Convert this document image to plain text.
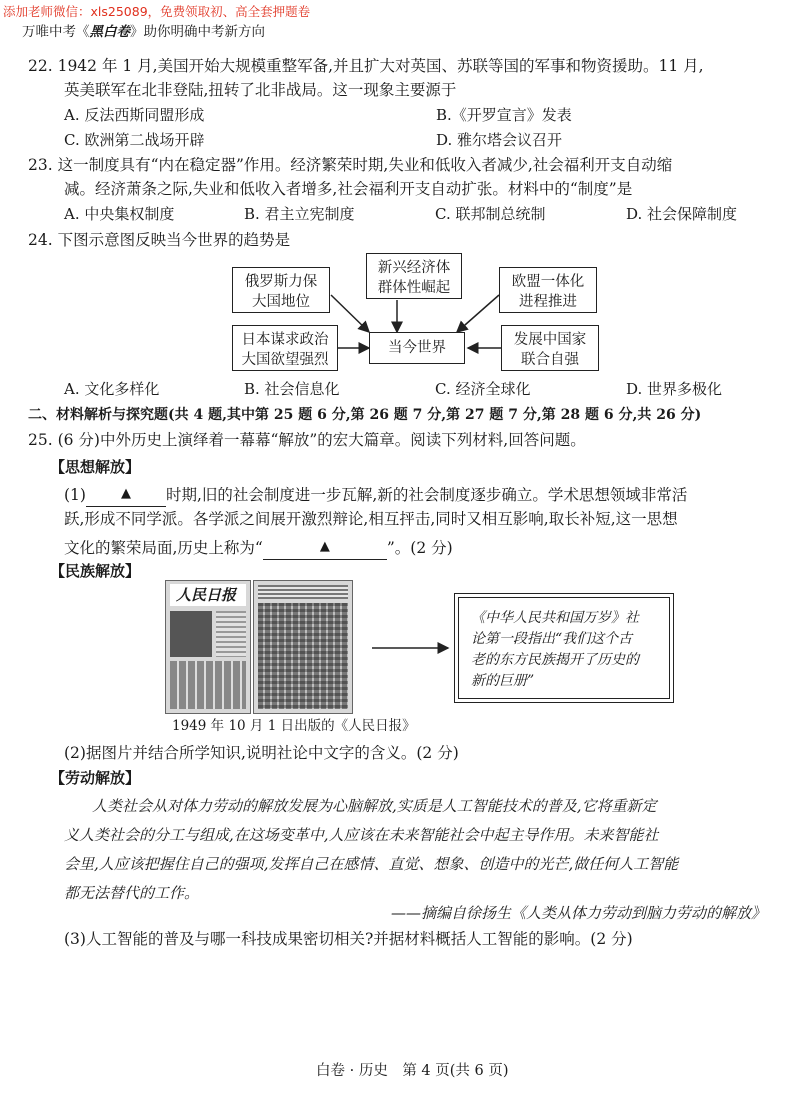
添加老师微信：xls25089，免费领取初、高全套押题卷
万唯中考《黑白卷》助你明确中考新方向
22. 1942 年 1 月,美国开始大规模重整军备,并且扩大对英国、苏联等国的军事和物资援助。11 月,
英美联军在北非登陆,扭转了北非战局。这一现象主要源于
A. 反法西斯同盟形成	B.《开罗宣言》发表
C. 欧洲第二战场开辟	D. 雅尔塔会议召开
23. 这一制度具有“内在稳定器”作用。经济繁荣时期,失业和低收入者减少,社会福利开支自动缩
减。经济萧条之际,失业和低收入者增多,社会福利开支自动扩张。材料中的“制度”是
A. 中央集权制度	B. 君主立宪制度	C. 联邦制总统制	D. 社会保障制度
24. 下图示意图反映当今世界的趋势是
新兴经济体
群体性崛起
俄罗斯力保
大国地位
欧盟一体化
进程推进
日本谋求政治
大国欲望强烈
当今世界	发展中国家
联合自强
A. 文化多样化	B. 社会信息化	C. 经济全球化	D. 世界多极化
二、材料解析与探究题(共 4 题,其中第 25 题 6 分,第 26 题 7 分,第 27 题 7 分,第 28 题 6 分,共 26 分)
25. (6 分)中外历史上演绎着一幕幕“解放”的宏大篇章。阅读下列材料,回答问题。
【思想解放】
(1)	▲ 时期,旧的社会制度进一步瓦解,新的社会制度逐步确立。学术思想领域非常活
跃,形成不同学派。各学派之间展开激烈辩论,相互抨击,同时又相互影响,取长补短,这一思想
文化的繁荣局面,历史上称为“	▲	”。(2 分)
【民族解放】
人民日报
1949 年 10 月 1 日出版的《人民日报》
《中华人民共和国万岁》社
论第一段指出“我们这个古
老的东方民族揭开了历史的
新的巨册”
(2)据图片并结合所学知识,说明社论中文字的含义。(2 分)
【劳动解放】
人类社会从对体力劳动的解放发展为心脑解放,实质是人工智能技术的普及,它将重新定
义人类社会的分工与组成,在这场变革中,人应该在未来智能社会中起主导作用。未来智能社
会里,人应该把握住自己的强项,发挥自己在感情、直觉、想象、创造中的光芒,做任何人工智能
都无法替代的工作。
——摘编自徐扬生《人类从体力劳动到脑力劳动的解放》
(3)人工智能的普及与哪一科技成果密切相关?并据材料概括人工智能的影响。(2 分)
白卷 · 历史　第 4 页(共 6 页)
